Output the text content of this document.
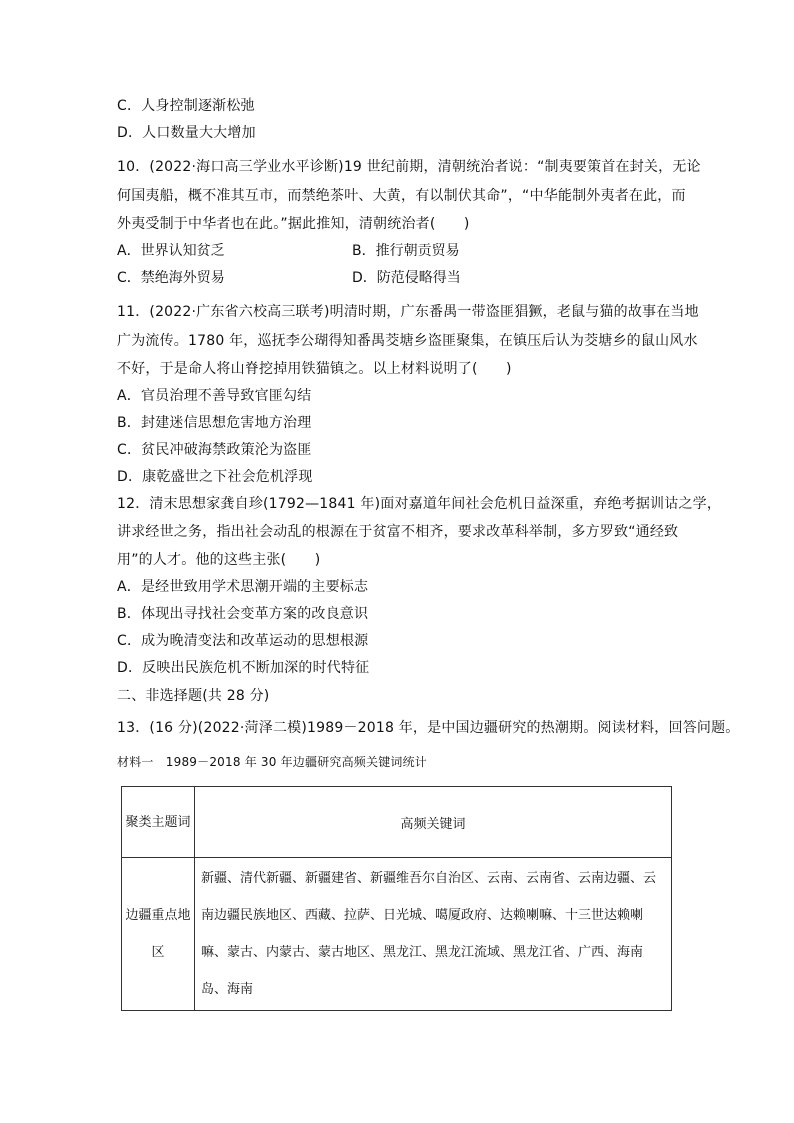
C．人身控制逐渐松弛
D．人口数量大大增加
10．(2022·海口高三学业水平诊断)19 世纪前期，清朝统治者说：“制夷要策首在封关，无论
何国夷船，概不准其互市，而禁绝茶叶、大黄，有以制伏其命”，“中华能制外夷者在此，而
外夷受制于中华者也在此。”据此推知，清朝统治者(　　)
A．世界认知贫乏	B．推行朝贡贸易
C．禁绝海外贸易	D．防范侵略得当
11．(2022·广东省六校高三联考)明清时期，广东番禺一带盗匪猖獗，老鼠与猫的故事在当地
广为流传。1780 年，巡抚李公瑚得知番禺茭塘乡盗匪聚集，在镇压后认为茭塘乡的鼠山风水
不好，于是命人将山脊挖掉用铁猫镇之。以上材料说明了(　　)
A．官员治理不善导致官匪勾结
B．封建迷信思想危害地方治理
C．贫民冲破海禁政策沦为盗匪
D．康乾盛世之下社会危机浮现
12．清末思想家龚自珍(1792—1841 年)面对嘉道年间社会危机日益深重，弃绝考据训诂之学，
讲求经世之务，指出社会动乱的根源在于贫富不相齐，要求改革科举制，多方罗致“通经致
用”的人才。他的这些主张(　　)
A．是经世致用学术思潮开端的主要标志
B．体现出寻找社会变革方案的改良意识
C．成为晚清变法和改革运动的思想根源
D．反映出民族危机不断加深的时代特征
二、非选择题(共 28 分)
13．(16 分)(2022·菏泽二模)1989－2018 年，是中国边疆研究的热潮期。阅读材料，回答问题。
材料一　1989－2018 年 30 年边疆研究高频关键词统计
聚类主题词	高频关键词
边疆重点地区	新疆、清代新疆、新疆建省、新疆维吾尔自治区、云南、云南省、云南边疆、云南边疆民族地区、西藏、拉萨、日光城、噶厦政府、达赖喇嘛、十三世达赖喇嘛、蒙古、内蒙古、蒙古地区、黑龙江、黑龙江流域、黑龙江省、广西、海南岛、海南
